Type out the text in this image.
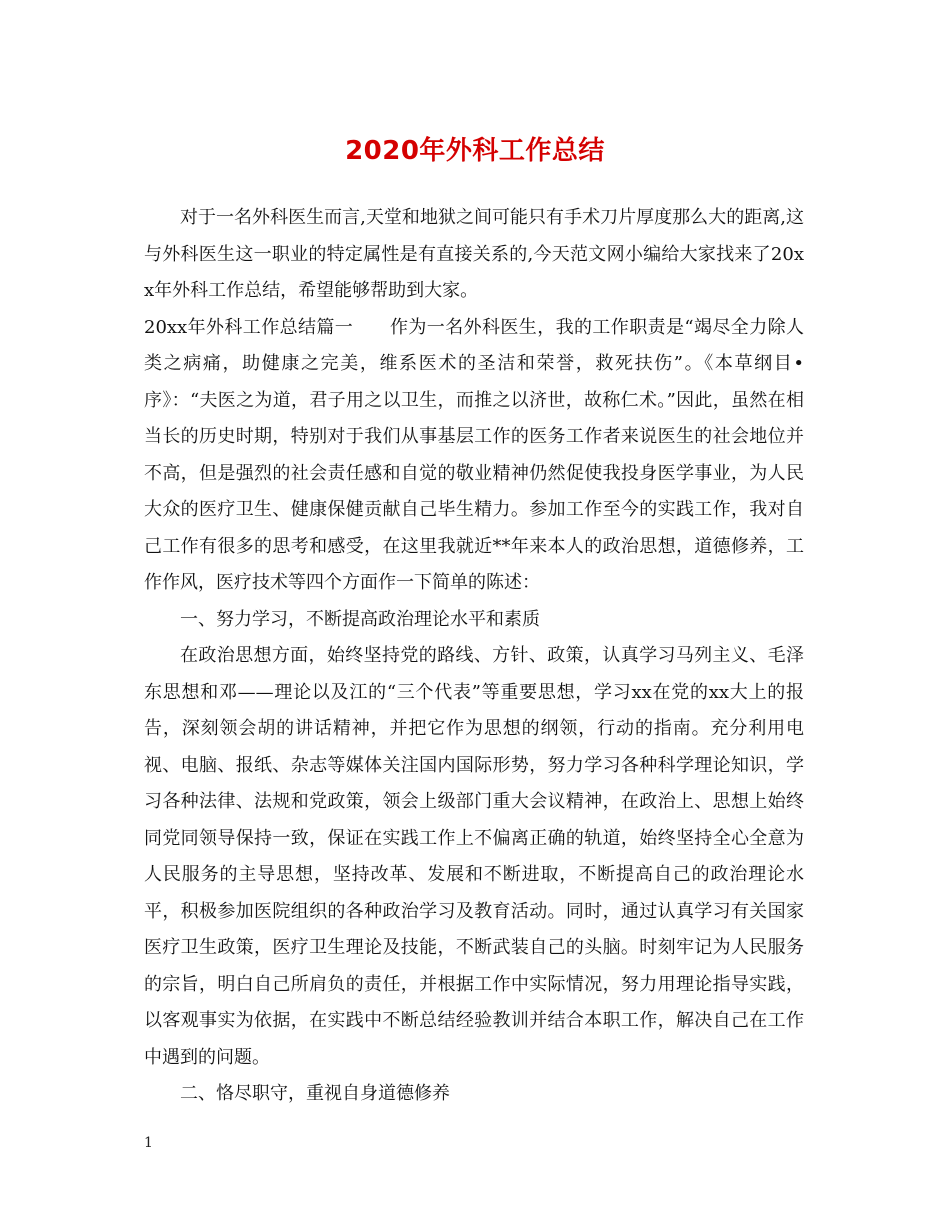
2020年外科工作总结

对于一名外科医生而言,天堂和地狱之间可能只有手术刀片厚度那么大的距离,这与外科医生这一职业的特定属性是有直接关系的,今天范文网小编给大家找来了20xx年外科工作总结，希望能够帮助到大家。

20xx年外科工作总结篇一　　作为一名外科医生，我的工作职责是“竭尽全力除人类之病痛，助健康之完美，维系医术的圣洁和荣誉，救死扶伤”。《本草纲目•序》：“夫医之为道，君子用之以卫生，而推之以济世，故称仁术。”因此，虽然在相当长的历史时期，特别对于我们从事基层工作的医务工作者来说医生的社会地位并不高，但是强烈的社会责任感和自觉的敬业精神仍然促使我投身医学事业，为人民大众的医疗卫生、健康保健贡献自己毕生精力。参加工作至今的实践工作，我对自己工作有很多的思考和感受，在这里我就近**年来本人的政治思想，道德修养，工作作风，医疗技术等四个方面作一下简单的陈述：

一、努力学习，不断提高政治理论水平和素质

在政治思想方面，始终坚持党的路线、方针、政策，认真学习马列主义、毛泽东思想和邓——理论以及江的“三个代表”等重要思想，学习xx在党的xx大上的报告，深刻领会胡的讲话精神，并把它作为思想的纲领，行动的指南。充分利用电视、电脑、报纸、杂志等媒体关注国内国际形势，努力学习各种科学理论知识，学习各种法律、法规和党政策，领会上级部门重大会议精神，在政治上、思想上始终同党同领导保持一致，保证在实践工作上不偏离正确的轨道，始终坚持全心全意为人民服务的主导思想，坚持改革、发展和不断进取，不断提高自己的政治理论水平，积极参加医院组织的各种政治学习及教育活动。同时，通过认真学习有关国家医疗卫生政策，医疗卫生理论及技能，不断武装自己的头脑。时刻牢记为人民服务的宗旨，明白自己所肩负的责任，并根据工作中实际情况，努力用理论指导实践，以客观事实为依据，在实践中不断总结经验教训并结合本职工作，解决自己在工作中遇到的问题。

二、恪尽职守，重视自身道德修养

1
